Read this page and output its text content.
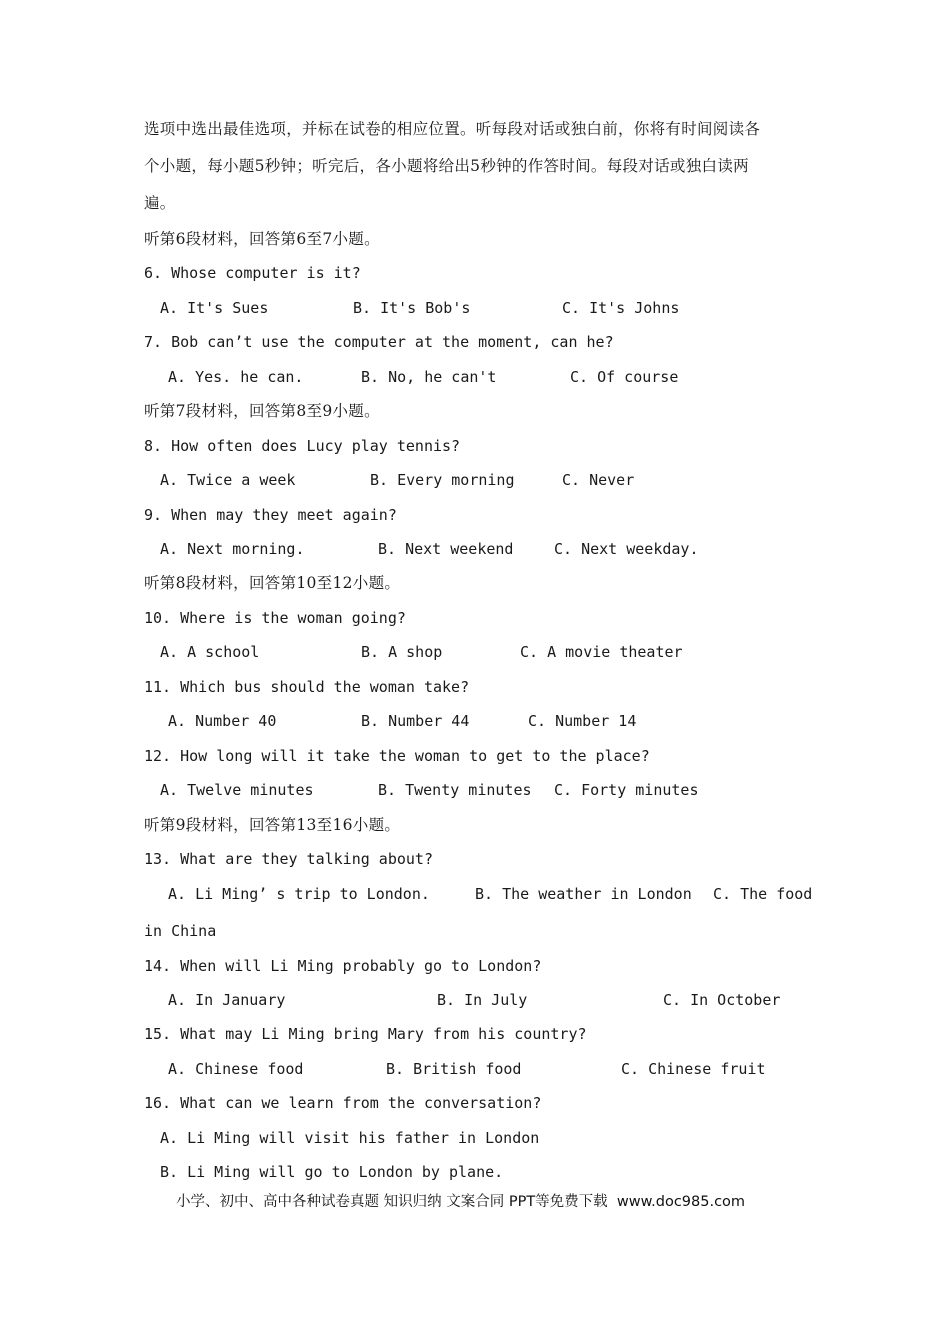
选项中选出最佳选项，并标在试卷的相应位置。听每段对话或独白前，你将有时间阅读各
个小题，每小题5秒钟；听完后，各小题将给出5秒钟的作答时间。每段对话或独白读两
遍。
听第6段材料，回答第6至7小题。
6. Whose computer is it?
A. It's Sues	B. It's Bob's	C. It's Johns
7. Bob can’t use the computer at the moment, can he?
A. Yes. he can.	B. No, he can't	C. Of course
听第7段材料，回答第8至9小题。
8. How often does Lucy play tennis?
A. Twice a week	B. Every morning	C. Never
9. When may they meet again?
A. Next morning.	B. Next weekend	C. Next weekday.
听第8段材料，回答第10至12小题。
10. Where is the woman going?
A. A school	B. A shop	C. A movie theater
11. Which bus should the woman take?
A. Number 40	B. Number 44	C. Number 14
12. How long will it take the woman to get to the place?
A. Twelve minutes	B. Twenty minutes C. Forty minutes
听第9段材料，回答第13至16小题。
13. What are they talking about?
A. Li Ming’ s trip to London.	B. The weather in London C. The food
in China
14. When will Li Ming probably go to London?
A. In January	B. In July	C. In October
15. What may Li Ming bring Mary from his country?
A. Chinese food	B. British food	C. Chinese fruit
16. What can we learn from the conversation?
A. Li Ming will visit his father in London
B. Li Ming will go to London by plane.
小学、初中、高中各种试卷真题 知识归纳 文案合同 PPT等免费下载  www.doc985.com
